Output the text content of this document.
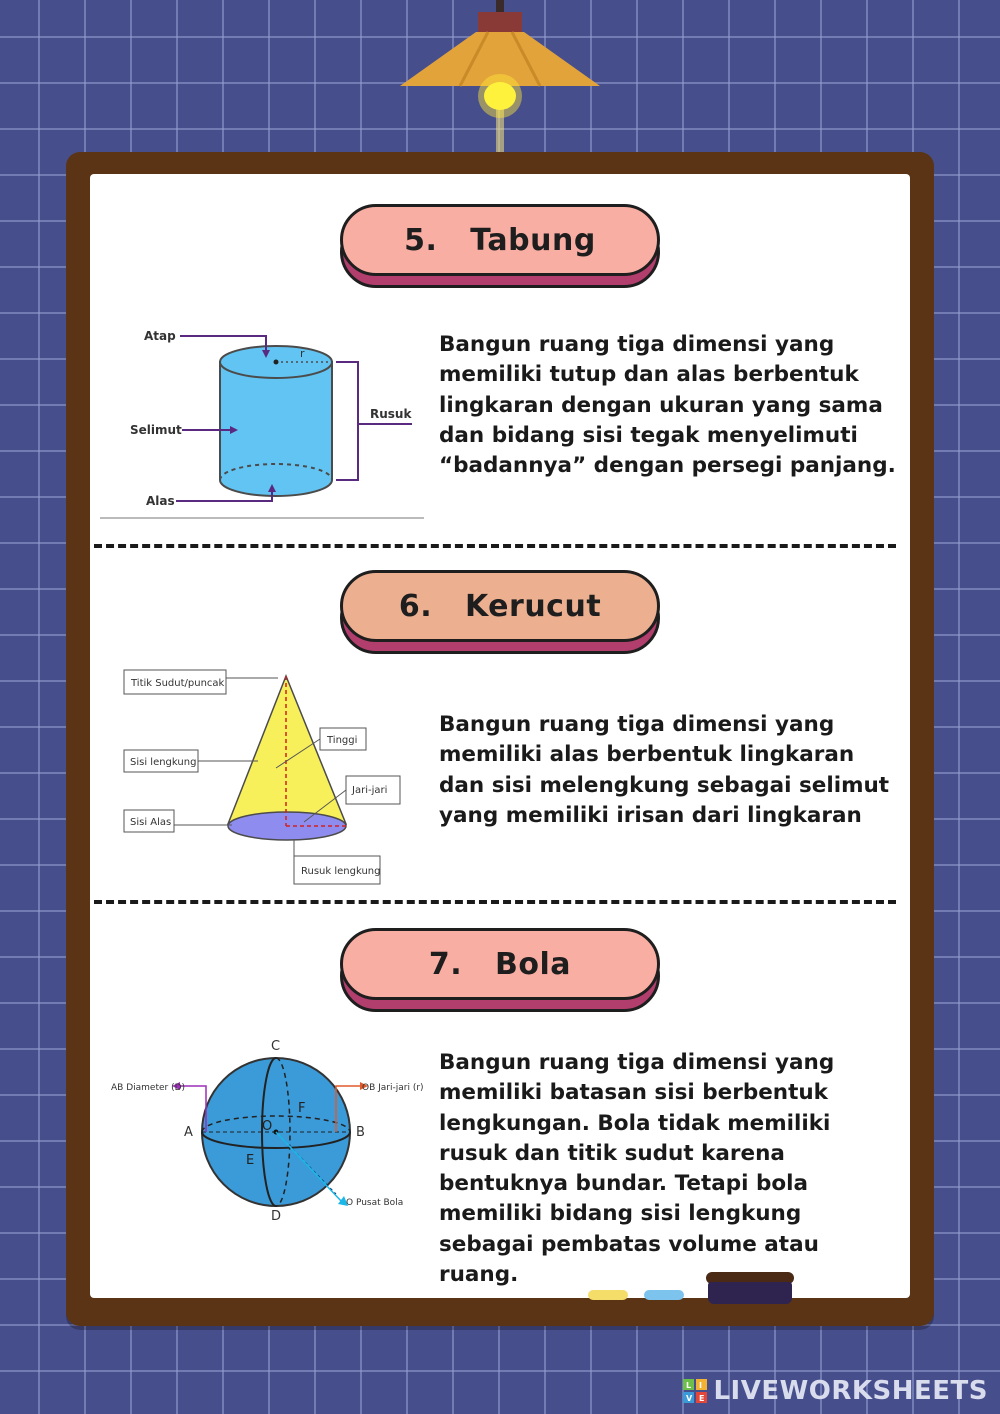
5.
Tabung
r
Atap
Selimut
Alas
Rusuk

Bangun ruang tiga dimensi yang memiliki tutup dan alas berbentuk lingkaran dengan ukuran yang sama dan bidang sisi tegak menyelimuti “badannya” dengan persegi panjang.

6.
Kerucut
Titik Sudut/puncak
Sisi lengkung
Sisi Alas
Tinggi
Jari-jari
Rusuk lengkung

Bangun ruang tiga dimensi yang memiliki alas berbentuk lingkaran dan sisi melengkung sebagai selimut yang memiliki irisan dari lingkaran

7.
Bola
AB Diameter (D)	OB Jari-jari (r)
O Pusat Bola
C
D
A	B
E
F
O

Bangun ruang tiga dimensi yang memiliki batasan sisi berbentuk lengkungan. Bola tidak memiliki rusuk dan titik sudut karena bentuknya bundar. Tetapi bola memiliki bidang sisi lengkung sebagai pembatas volume atau ruang.

L I
V E LIVEWORKSHEETS
